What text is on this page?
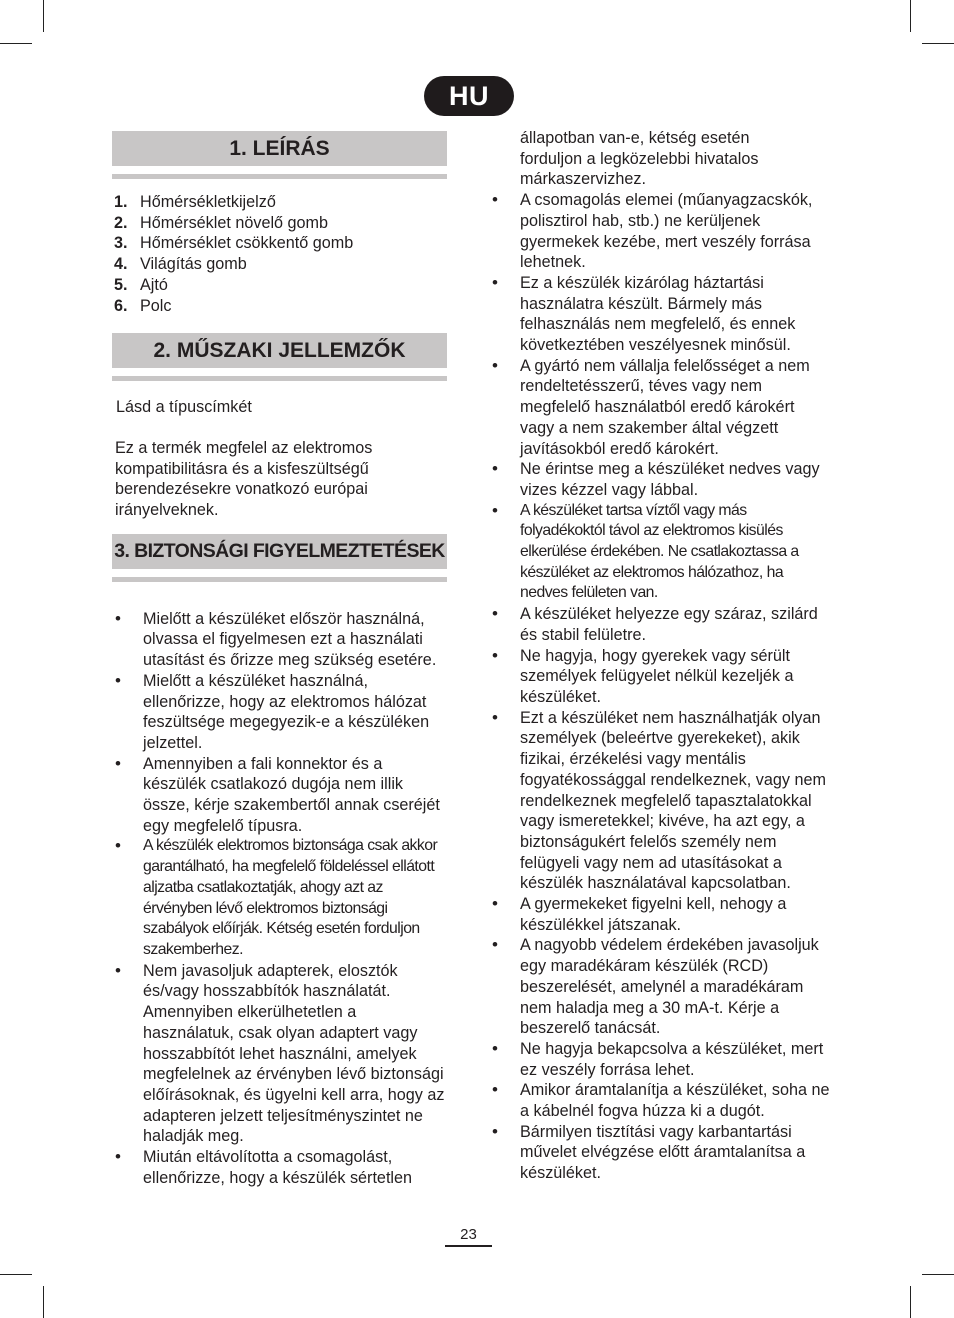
HU
1. LEÍRÁS
1. Hőmérsékletkijelző
2. Hőmérséklet növelő gomb
3. Hőmérséklet csökkentő gomb
4. Világítás gomb
5. Ajtó
6. Polc
2. MŰSZAKI JELLEMZŐK

Lásd a típuscímkét

Ez a termék megfelel az elektromos kompatibilitásra és a kisfeszültségű berendezésekre vonatkozó európai irányelveknek.

3. BIZTONSÁGI FIGYELMEZTETÉSEK
• Mielőtt a készüléket először használná, olvassa el figyelmesen ezt a használati utasítást és őrizze meg szükség esetére.
• Mielőtt a készüléket használná, ellenőrizze, hogy az elektromos hálózat feszültsége megegyezik-e a készüléken jelzettel.
• Amennyiben a fali konnektor és a készülék csatlakozó dugója nem illik össze, kérje szakembertől annak cseréjét egy megfelelő típusra.
• A készülék elektromos biztonsága csak akkor garantálható, ha megfelelő földeléssel ellátott aljzatba csatlakoztatják, ahogy azt az érvényben lévő elektromos biztonsági szabályok előírják. Kétség esetén forduljon szakemberhez.
• Nem javasoljuk adapterek, elosztók és/vagy hosszabbítók használatát. Amennyiben elkerülhetetlen a használatuk, csak olyan adaptert vagy hosszabbítót lehet használni, amelyek megfelelnek az érvényben lévő biztonsági előírásoknak, és ügyelni kell arra, hogy az adapteren jelzett teljesítményszintet ne haladják meg.
• Miután eltávolította a csomagolást, ellenőrizze, hogy a készülék sértetlen

állapotban van-e, kétség esetén forduljon a legközelebbi hivatalos márkaszervizhez.

• A csomagolás elemei (műanyagzacskók, polisztirol hab, stb.) ne kerüljenek gyermekek kezébe, mert veszély forrása lehetnek.
• Ez a készülék kizárólag háztartási használatra készült. Bármely más felhasználás nem megfelelő, és ennek következtében veszélyesnek minősül.
• A gyártó nem vállalja felelősséget a nem rendeltetésszerű, téves vagy nem megfelelő használatból eredő károkért vagy a nem szakember által végzett javításokból eredő károkért.
• Ne érintse meg a készüléket nedves vagy vizes kézzel vagy lábbal.
• A készüléket tartsa víztől vagy más folyadékoktól távol az elektromos kisülés elkerülése érdekében. Ne csatlakoztassa a készüléket az elektromos hálózathoz, ha nedves felületen van.
• A készüléket helyezze egy száraz, szilárd és stabil felületre.
• Ne hagyja, hogy gyerekek vagy sérült személyek felügyelet nélkül kezeljék a készüléket.
• Ezt a készüléket nem használhatják olyan személyek (beleértve gyerekeket), akik fizikai, érzékelési vagy mentális fogyatékossággal rendelkeznek, vagy nem rendelkeznek megfelelő tapasztalatokkal vagy ismeretekkel; kivéve, ha azt egy, a biztonságukért felelős személy nem felügyeli vagy nem ad utasításokat a készülék használatával kapcsolatban.
• A gyermekeket figyelni kell, nehogy a készülékkel játszanak.
• A nagyobb védelem érdekében javasoljuk egy maradékáram készülék (RCD) beszerelését, amelynél a maradékáram nem haladja meg a 30 mA-t. Kérje a beszerelő tanácsát.
• Ne hagyja bekapcsolva a készüléket, mert ez veszély forrása lehet.
• Amikor áramtalanítja a készüléket, soha ne a kábelnél fogva húzza ki a dugót.
• Bármilyen tisztítási vagy karbantartási művelet elvégzése előtt áramtalanítsa a készüléket.
23
